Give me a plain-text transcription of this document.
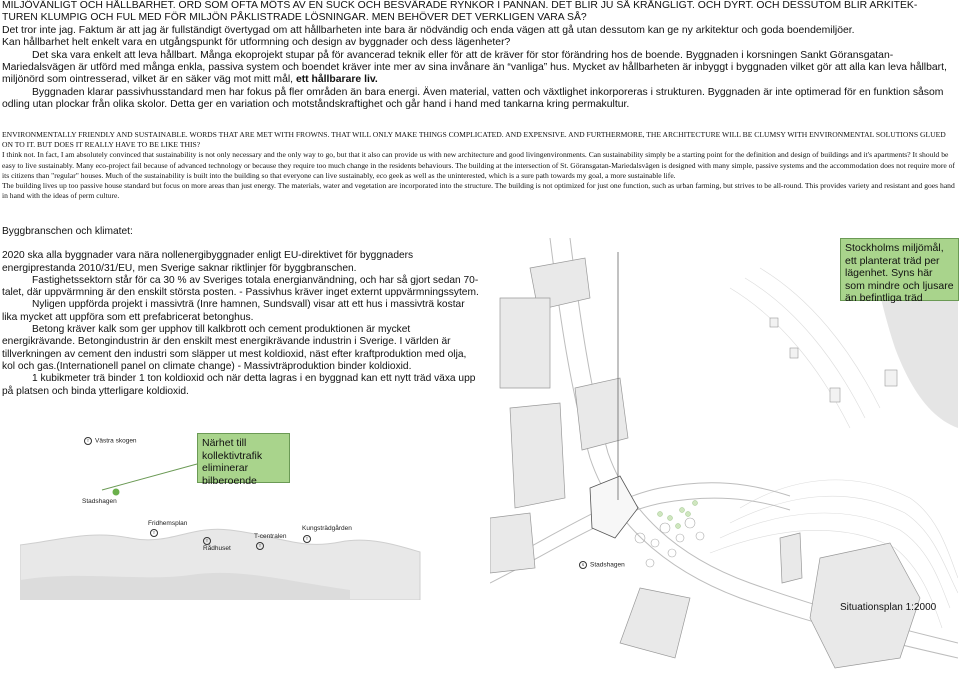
MILJÖVÄNLIGT OCH HÅLLBARHET. ORD SOM OFTA MÖTS AV EN SUCK OCH BESVÄRADE RYNKOR I PANNAN. DET BLIR JU SÅ KRÅNGLIGT. OCH DYRT. OCH DESSUTOM BLIR ARKITEK-

TUREN KLUMPIG OCH FUL MED FÖR MILJÖN PÅKLISTRADE LÖSNINGAR. MEN BEHÖVER DET VERKLIGEN VARA SÅ?

Det tror inte jag. Faktum är att jag är fullständigt övertygad om att hållbarheten inte bara är nödvändig och enda vägen att gå utan dessutom kan ge ny arkitektur och goda boendemiljöer.

Kan hållbarhet helt enkelt vara en utgångspunkt för utformning och design av byggnader och dess lägenheter?

Det ska vara enkelt att leva hållbart. Många ekoprojekt stupar på för avancerad teknik eller för att de kräver för stor förändring hos de boende. Byggnaden i korsningen Sankt Göransgatan-Mariedalsvägen är utförd med många enkla, passiva system och boendet kräver inte mer av sina invånare än “vanliga” hus. Mycket av hållbarheten är inbyggt i byggnaden vilket gör att alla kan leva hållbart, miljönörd som ointresserad, vilket är en säker väg mot mitt mål, ett hållbarare liv.

Byggnaden klarar passivhusstandard men har fokus på fler områden än bara energi. Även material, vatten och växtlighet inkorporeras i strukturen. Byggnaden är inte optimerad för en funktion såsom odling utan plockar från olika skolor. Detta ger en variation och motståndskraftighet och går hand i hand med tankarna kring permakultur.

ENVIRONMENTALLY FRIENDLY AND SUSTAINABLE. WORDS THAT ARE MET WITH FROWNS. THAT WILL ONLY MAKE THINGS COMPLICATED. AND EXPENSIVE. AND FURTHERMORE, THE ARCHITECTURE WILL BE CLUMSY WITH ENVIRONMENTAL SOLUTIONS GLUED ON TO IT. BUT DOES IT REALLY HAVE TO BE LIKE THIS?

I think not. In fact, I am absolutely convinced that sustainability is not only necessary and the only way to go, but that it also can provide us with new architecture and good livingenvironments. Can sustainability simply be a starting point for the definition and design of buildings and it's apartments? It should be easy to live sustainably. Many eco-project fail because of advanced technology or because they require too much change in the residents behaviours. The building at the intersection of St. Göransgatan-Mariedalsvägen is designed with many simple, passive systems and the accommodation does not require more of its citizens than "regular" houses. Much of the sustainability is built into the building so that everyone can live sustainably, eco geek as well as the uninterested, which is a sure path towards my goal, a more sustainable life.

The building lives up too passive house standard but focus on more areas than just energy. The materials, water and vegetation are incorporated into the structure. The building is not optimized for just one function, such as urban farming, but strives to be all-round. This provides variety and resistant and goes hand in hand with the ideas of perm culture.

Byggbranschen och klimatet:

2020 ska alla byggnader vara nära nollenergibyggnader enligt EU-direktivet för byggnaders energiprestanda 2010/31/EU, men Sverige saknar riktlinjer för byggbranschen.

Fastighetssektorn står för ca 30 % av Sveriges totala energianvändning, och har så gjort sedan 70-talet, där uppvärmning är den enskilt största posten. - Passivhus kräver inget externt uppvärmningssytem.

Nyligen uppförda projekt i massivträ (Inre hamnen, Sundsvall) visar att ett hus i massivträ kostar lika mycket att uppföra som ett prefabricerat betonghus.

Betong kräver kalk som ger upphov till kalkbrott och cement produktionen är mycket energikrävande. Betongindustrin är den enskilt mest energikrävande industrin i Sverige. I världen är tillverkningen av cement den industri som släpper ut mest koldioxid, näst efter kraftproduktion med olja, kol och gas.(Internationell panel on climate change) - Massivträproduktion binder koldioxid.

1 kubikmeter trä binder 1 ton koldioxid och när detta lagras i en byggnad kan ett nytt träd växa upp på platsen och binda ytterligare koldioxid.

T Västra skogen
Stadshagen
Fridhemsplan
T
T
Rådhuset
T-centralen
T
Kungsträdgården
T
Närhet till kollektivtrafik eliminerar bilberoende
S Stadshagen
Stockholms miljömål, ett planterat träd per lägenhet. Syns här som mindre och ljusare än befintliga träd
Situationsplan 1:2000
